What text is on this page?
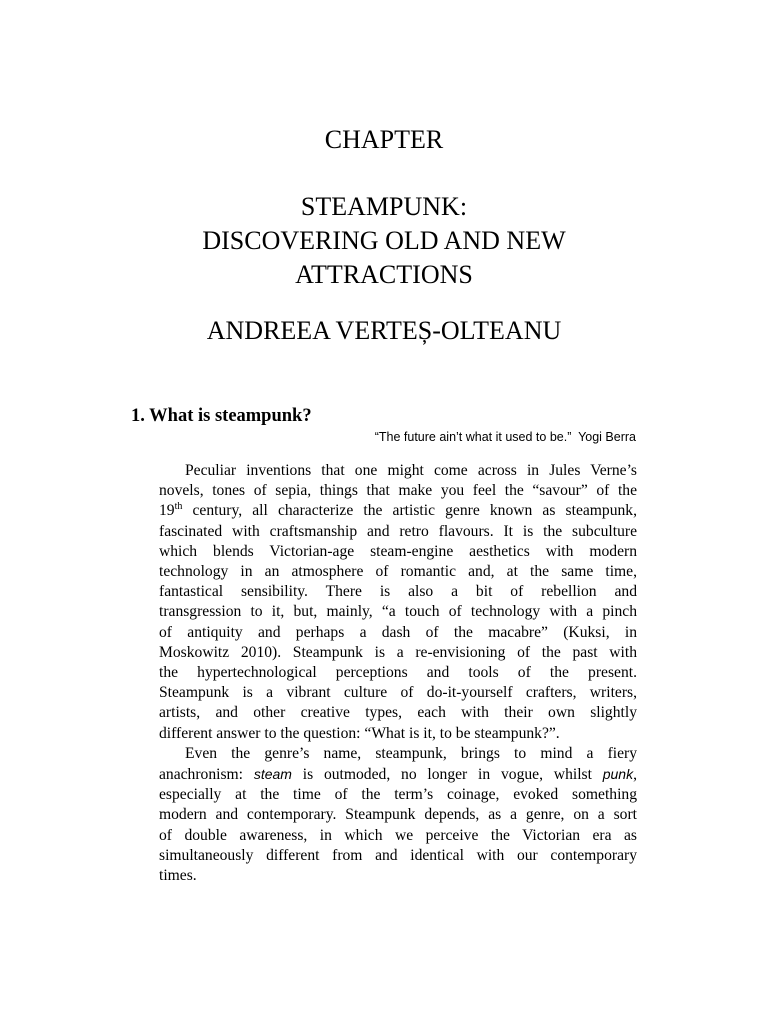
CHAPTER
STEAMPUNK:
DISCOVERING OLD AND NEW
ATTRACTIONS
ANDREEA VERTEȘ-OLTEANU
1. What is steampunk?
“The future ain’t what it used to be.”  Yogi Berra
Peculiar inventions that one might come across in Jules Verne’s
novels, tones of sepia, things that make you feel the “savour” of the
19th century, all characterize the artistic genre known as steampunk,
fascinated with craftsmanship and retro flavours. It is the subculture
which blends Victorian-age steam-engine aesthetics with modern
technology in an atmosphere of romantic and, at the same time,
fantastical sensibility. There is also a bit of rebellion and
transgression to it, but, mainly, “a touch of technology with a pinch
of antiquity and perhaps a dash of the macabre” (Kuksi, in
Moskowitz 2010). Steampunk is a re-envisioning of the past with
the hypertechnological perceptions and tools of the present.
Steampunk is a vibrant culture of do-it-yourself crafters, writers,
artists, and other creative types, each with their own slightly
different answer to the question: “What is it, to be steampunk?”.
Even the genre’s name, steampunk, brings to mind a fiery
anachronism: steam is outmoded, no longer in vogue, whilst punk,
especially at the time of the term’s coinage, evoked something
modern and contemporary. Steampunk depends, as a genre, on a sort
of double awareness, in which we perceive the Victorian era as
simultaneously different from and identical with our contemporary
times.
